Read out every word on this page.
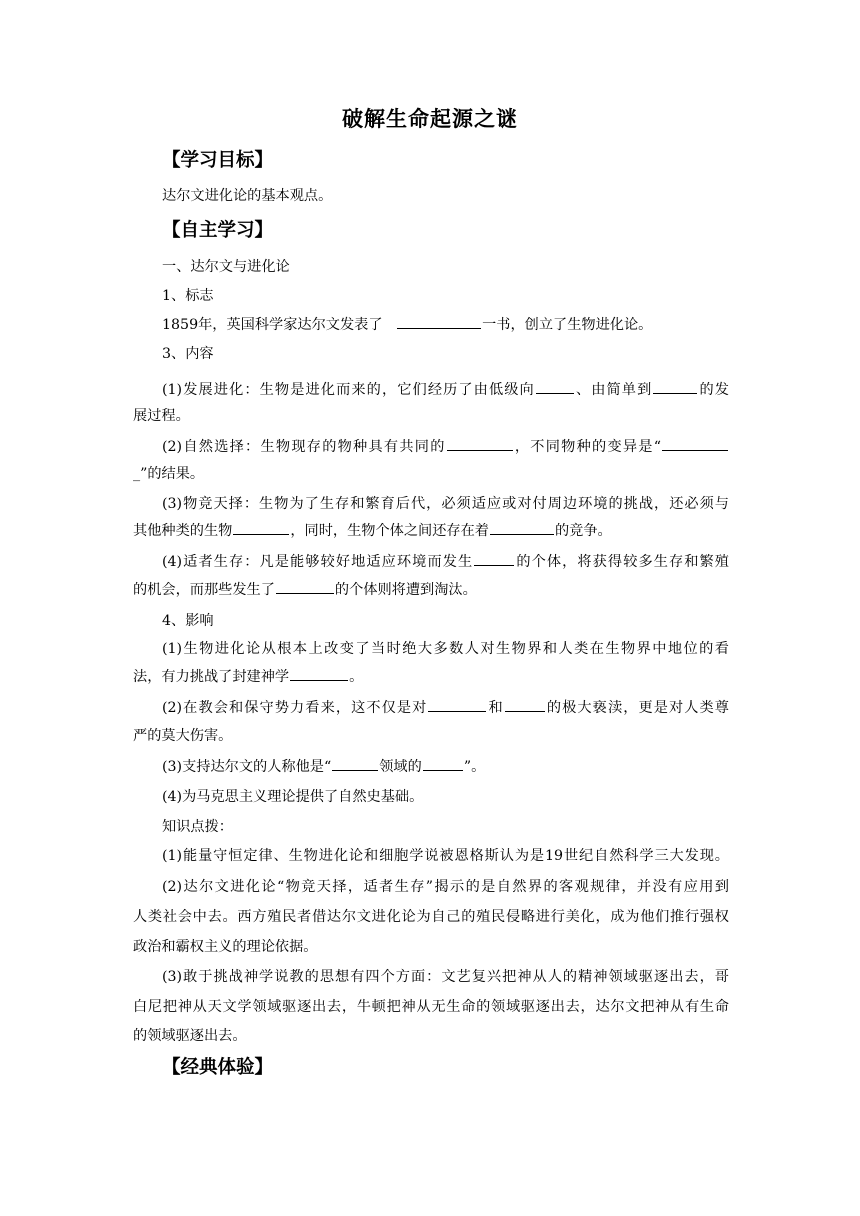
破解生命起源之谜
【学习目标】
达尔文进化论的基本观点。
【自主学习】
一、达尔文与进化论
1、标志
1859年，英国科学家达尔文发表了	一书，创立了生物进化论。
3、内容
(1)发展进化：生物是进化而来的，它们经历了由低级向	、由简单到	的发
展过程。
(2)自然选择：生物现存的物种具有共同的	，不同物种的变异是“
_”的结果。
(3)物竞天择：生物为了生存和繁育后代，必须适应或对付周边环境的挑战，还必须与
其他种类的生物	，同时，生物个体之间还存在着	的竞争。
(4)适者生存：凡是能够较好地适应环境而发生	的个体，将获得较多生存和繁殖
的机会，而那些发生了	的个体则将遭到淘汰。
4、影响
(1)生物进化论从根本上改变了当时绝大多数人对生物界和人类在生物界中地位的看
法，有力挑战了封建神学	。
(2)在教会和保守势力看来，这不仅是对	和	的极大亵渎，更是对人类尊
严的莫大伤害。
(3)支持达尔文的人称他是“	领域的	”。
(4)为马克思主义理论提供了自然史基础。
知识点拨：
(1)能量守恒定律、生物进化论和细胞学说被恩格斯认为是19世纪自然科学三大发现。
(2)达尔文进化论“物竞天择，适者生存”揭示的是自然界的客观规律，并没有应用到
人类社会中去。西方殖民者借达尔文进化论为自己的殖民侵略进行美化，成为他们推行强权
政治和霸权主义的理论依据。
(3)敢于挑战神学说教的思想有四个方面：文艺复兴把神从人的精神领域驱逐出去，哥
白尼把神从天文学领域驱逐出去，牛顿把神从无生命的领域驱逐出去，达尔文把神从有生命
的领域驱逐出去。
【经典体验】
